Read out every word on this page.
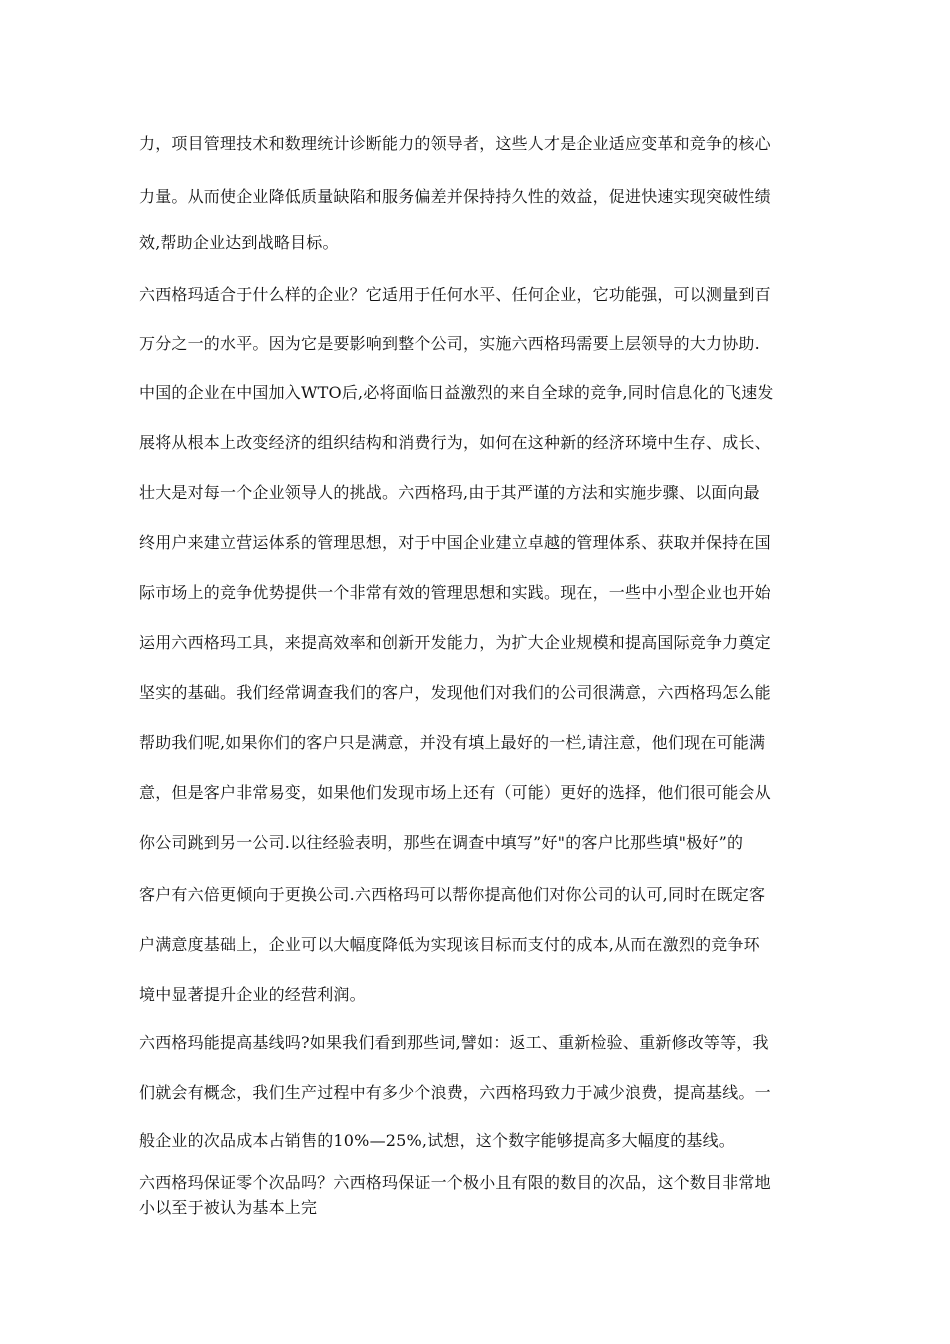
力，项目管理技术和数理统计诊断能力的领导者，这些人才是企业适应变革和竞争的核心
力量。从而使企业降低质量缺陷和服务偏差并保持持久性的效益，促进快速实现突破性绩
效,帮助企业达到战略目标。
六西格玛适合于什么样的企业？它适用于任何水平、任何企业，它功能强，可以测量到百
万分之一的水平。因为它是要影响到整个公司，实施六西格玛需要上层领导的大力协助.
中国的企业在中国加入WTO后,必将面临日益激烈的来自全球的竞争,同时信息化的飞速发
展将从根本上改变经济的组织结构和消费行为，如何在这种新的经济环境中生存、成长、
壮大是对每一个企业领导人的挑战。六西格玛,由于其严谨的方法和实施步骤、以面向最
终用户来建立营运体系的管理思想，对于中国企业建立卓越的管理体系、获取并保持在国
际市场上的竞争优势提供一个非常有效的管理思想和实践。现在，一些中小型企业也开始
运用六西格玛工具，来提高效率和创新开发能力，为扩大企业规模和提高国际竞争力奠定
坚实的基础。我们经常调查我们的客户，发现他们对我们的公司很满意，六西格玛怎么能
帮助我们呢,如果你们的客户只是满意，并没有填上最好的一栏,请注意，他们现在可能满
意，但是客户非常易变，如果他们发现市场上还有（可能）更好的选择，他们很可能会从
你公司跳到另一公司.以往经验表明，那些在调查中填写”好"的客户比那些填"极好”的
客户有六倍更倾向于更换公司.六西格玛可以帮你提高他们对你公司的认可,同时在既定客
户满意度基础上，企业可以大幅度降低为实现该目标而支付的成本,从而在激烈的竞争环
境中显著提升企业的经营利润。
六西格玛能提高基线吗?如果我们看到那些词,譬如：返工、重新检验、重新修改等等，我
们就会有概念，我们生产过程中有多少个浪费，六西格玛致力于减少浪费，提高基线。一
般企业的次品成本占销售的10%—25%,试想，这个数字能够提高多大幅度的基线。
六西格玛保证零个次品吗？六西格玛保证一个极小且有限的数目的次品，这个数目非常地
小以至于被认为基本上完
